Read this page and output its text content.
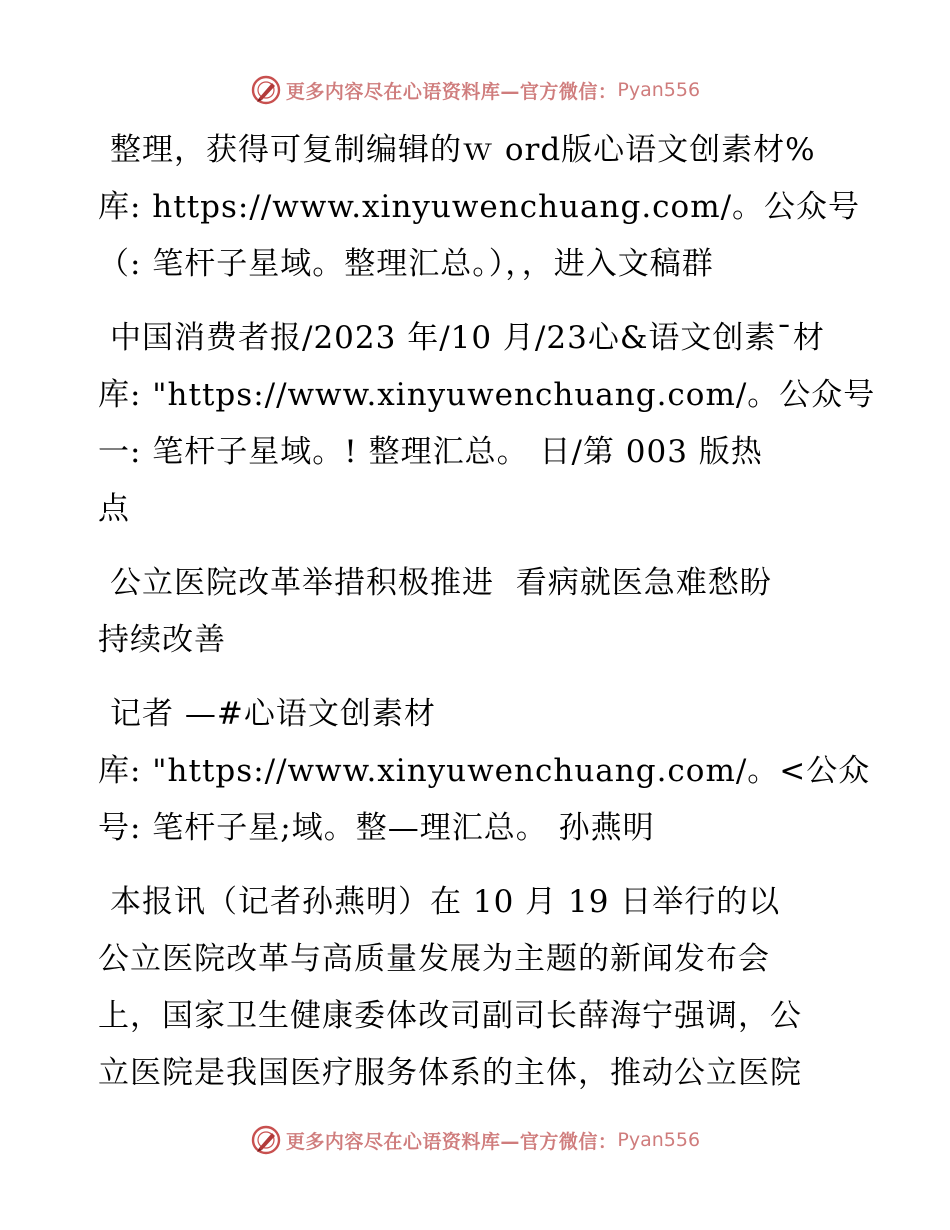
更多内容尽在心语资料库—官方微信： Pyan556
整理，获得可复制编辑的ｗ ord版心语文创素材%
库: https://www.xinyuwenchuang.com/。公众号
（: 笔杆子星域。整理汇总。），，进入文稿群
中国消费者报/2023 年/10 月/23心&语文创素¯材
库: "https://www.xinyuwenchuang.com/。公众号
一: 笔杆子星域。! 整理汇总。 日/第 003 版热
点
公立医院改革举措积极推进  看病就医急难愁盼
持续改善
记者 —#心语文创素材
库: "https://www.xinyuwenchuang.com/。<公众
号: 笔杆子星;域。整—理汇总。 孙燕明
本报讯（记者孙燕明）在 10 月 19 日举行的以
公立医院改革与高质量发展为主题的新闻发布会
上，国家卫生健康委体改司副司长薛海宁强调，公
立医院是我国医疗服务体系的主体，推动公立医院
更多内容尽在心语资料库—官方微信： Pyan556
